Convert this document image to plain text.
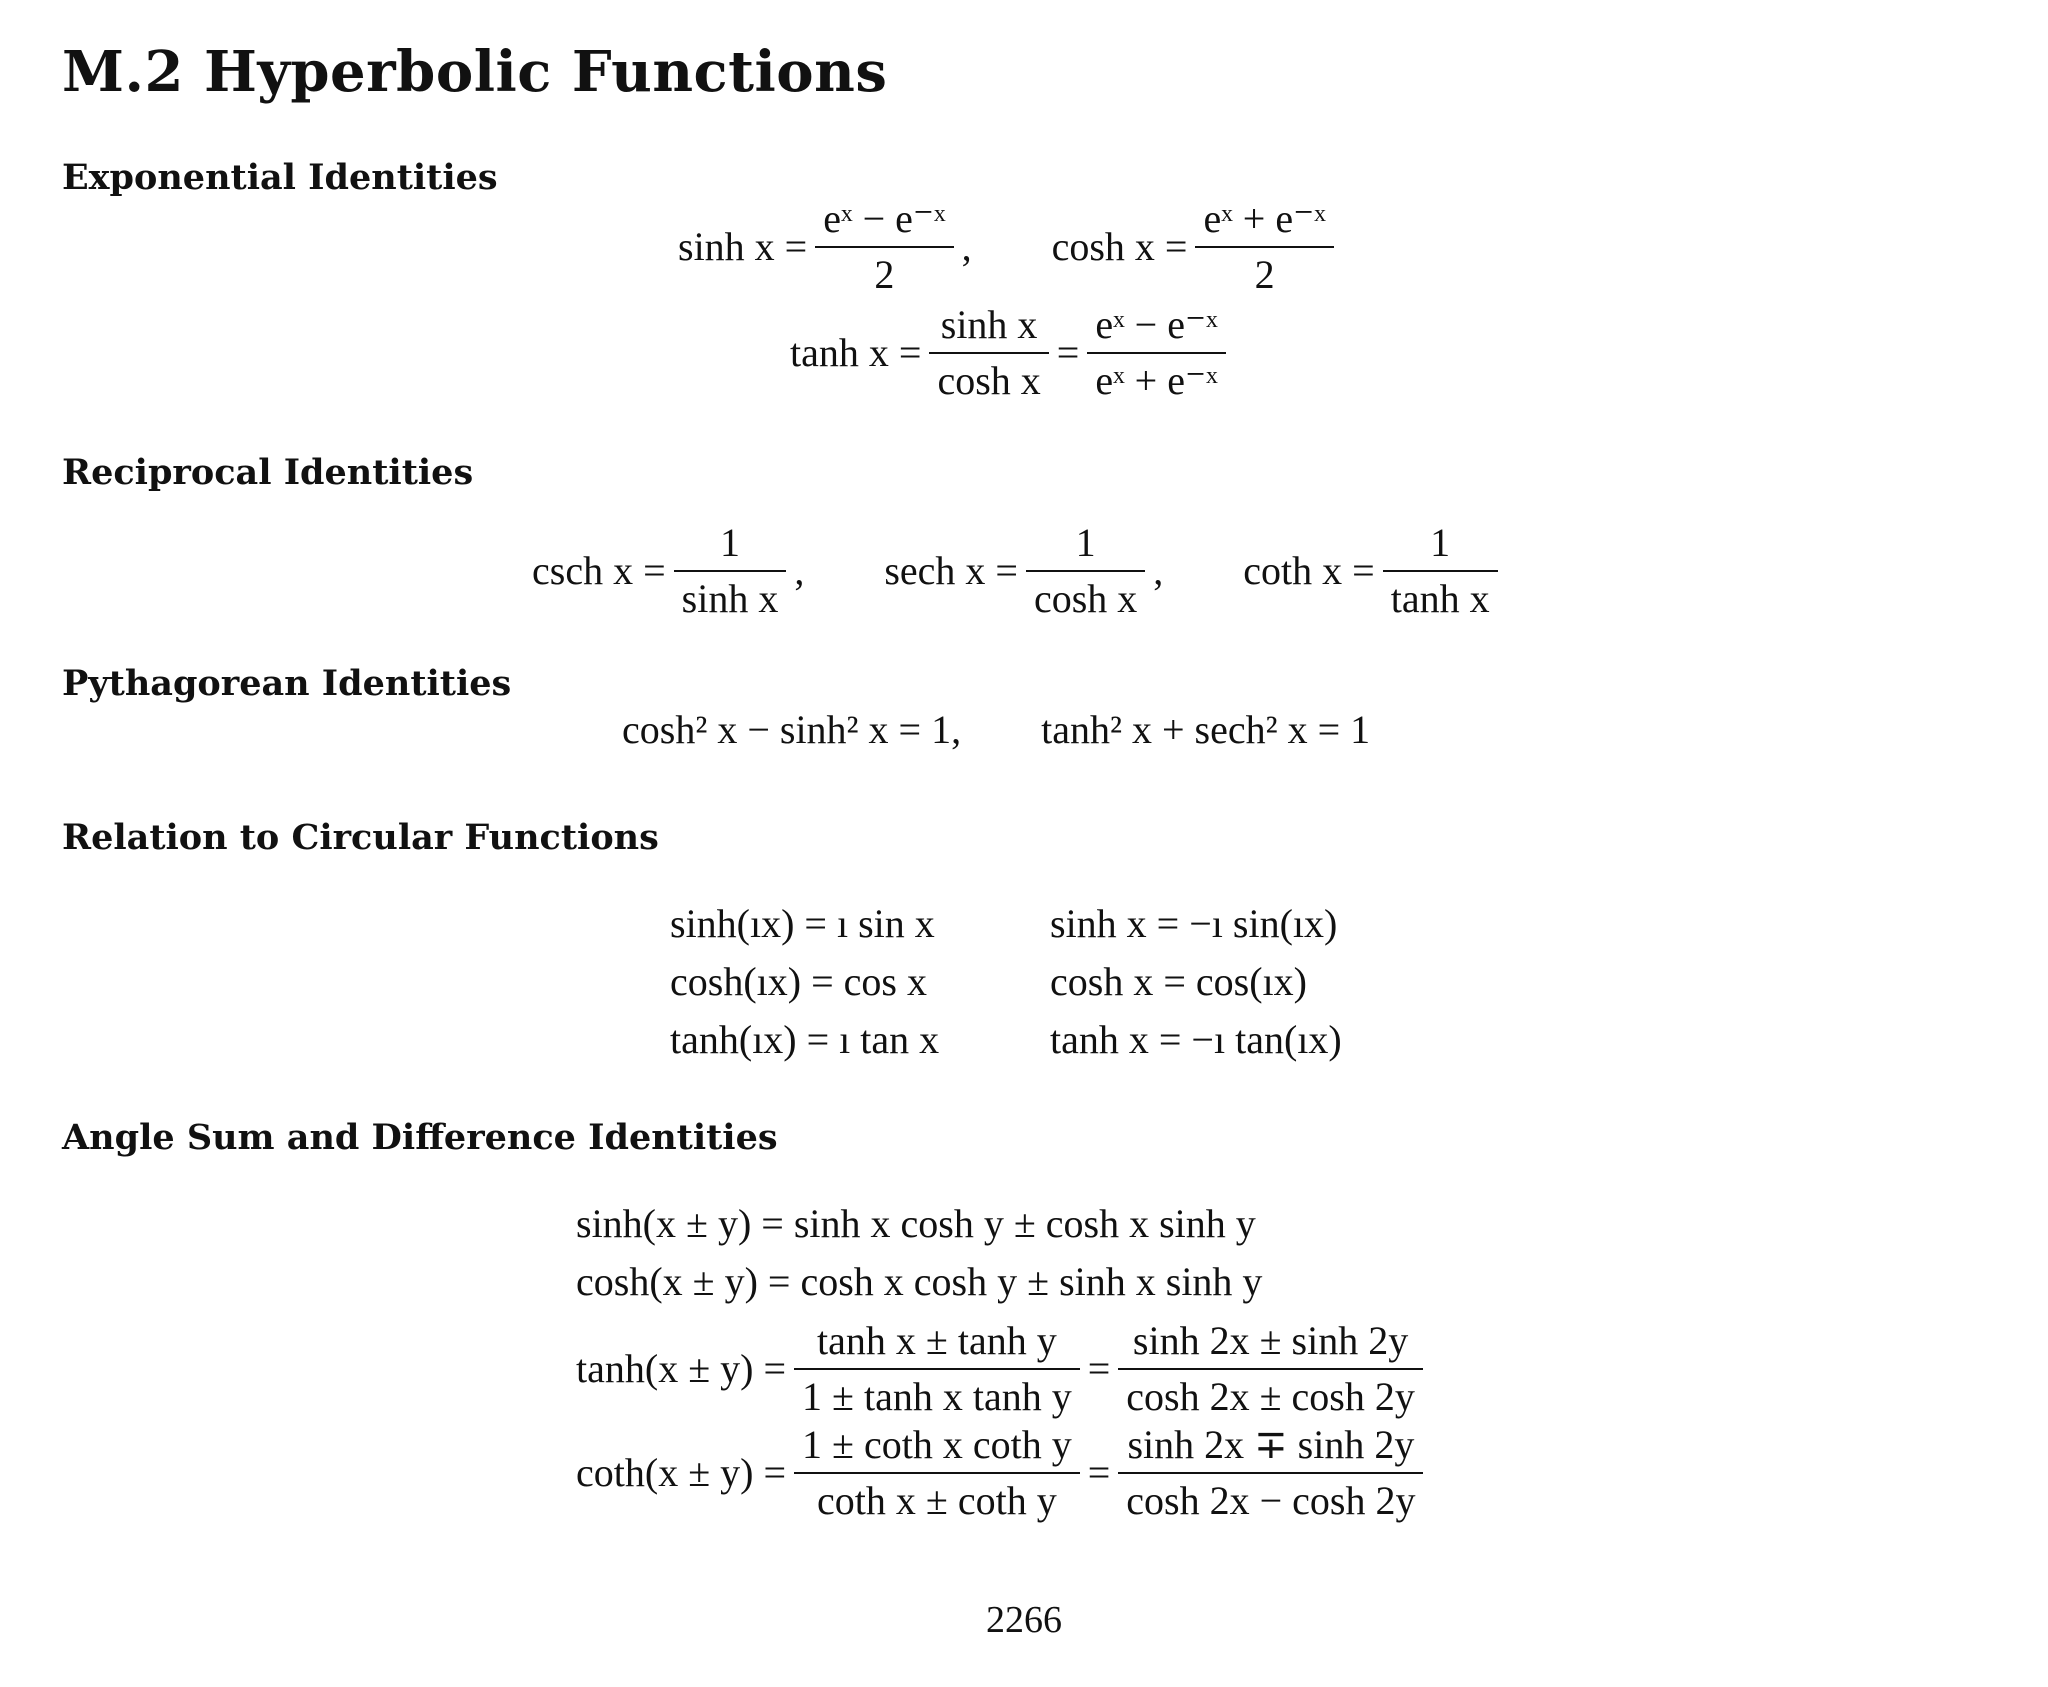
M.2 Hyperbolic Functions
Exponential Identities
$\sinh x = \frac{\text{eˣ − e⁻ˣ}}{2}$ , $\cosh x = \frac{\text{eˣ + e⁻ˣ}}{2}$
$\tanh x = \frac{\text{sinh x}}{\text{cosh x}} = \frac{\text{eˣ − e⁻ˣ}}{\text{eˣ + e⁻ˣ}}$
Reciprocal Identities
csch $x = \frac{1}{\text{sinh x}}$ , sech $x = \frac{1}{\text{cosh x}}$ , coth $x = \frac{1}{\text{tanh x}}$
Pythagorean Identities
cosh² x − sinh² x = 1, tanh² x + sech² x = 1
Relation to Circular Functions
sinh(ıx) = ı sin x	sinh x = −ı sin(ıx)
cosh(ıx) = cos x	cosh x = cos(ıx)
tanh(ıx) = ı tan x	tanh x = −ı tan(ıx)
Angle Sum and Difference Identities
sinh(x ± y) = sinh x cosh y ± cosh x sinh y
cosh(x ± y) = cosh x cosh y ± sinh x sinh y
$\tanh(x \pm y) = \frac{\text{tanh x ± tanh y}}{\text{1 ± tanh x tanh y}} = \frac{\sinh 2x \pm \sinh 2y}{\cosh 2x \pm \cosh 2y}$
$\cot h(x \pm y) = \frac{\text{1 ± coth x coth y}}{\text{coth x ± coth y}} = \frac{\sinh 2x \mp \sinh 2y}{\cosh 2x - \cosh 2y}$
2266
